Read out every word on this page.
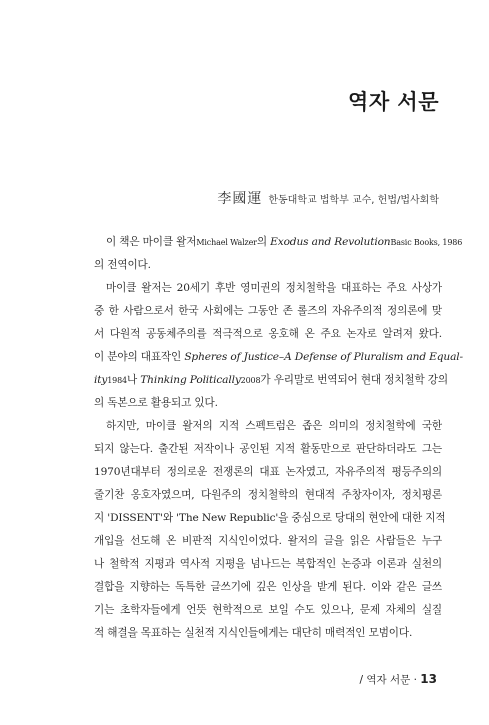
역자 서문
李國運 한동대학교 법학부 교수, 헌법/법사회학
이 책은 마이클 왈저Michael Walzer의 Exodus and RevolutionBasic Books, 1986
의 전역이다.
마이클 왈저는 20세기 후반 영미권의 정치철학을 대표하는 주요 사상가
중 한 사람으로서 한국 사회에는 그동안 존 롤즈의 자유주의적 정의론에 맞
서 다원적 공동체주의를 적극적으로 옹호해 온 주요 논자로 알려져 왔다.
이 분야의 대표작인 Spheres of Justice–A Defense of Pluralism and Equal-
ity1984나 Thinking Politically2008가 우리말로 번역되어 현대 정치철학 강의
의 독본으로 활용되고 있다.
하지만, 마이클 왈저의 지적 스펙트럼은 좁은 의미의 정치철학에 국한
되지 않는다. 출간된 저작이나 공인된 지적 활동만으로 판단하더라도 그는
1970년대부터 정의로운 전쟁론의 대표 논자였고, 자유주의적 평등주의의
줄기찬 옹호자였으며, 다원주의 정치철학의 현대적 주창자이자, 정치평론
지 'DISSENT'와 'The New Republic'을 중심으로 당대의 현안에 대한 지적
개입을 선도해 온 비판적 지식인이었다. 왈저의 글을 읽은 사람들은 누구
나 철학적 지평과 역사적 지평을 넘나드는 복합적인 논증과 이론과 실천의
결합을 지향하는 독특한 글쓰기에 깊은 인상을 받게 된다. 이와 같은 글쓰
기는 초학자들에게 언뜻 현학적으로 보일 수도 있으나, 문제 자체의 실질
적 해결을 목표하는 실천적 지식인들에게는 대단히 매력적인 모범이다.
/ 역자 서문 · 13
